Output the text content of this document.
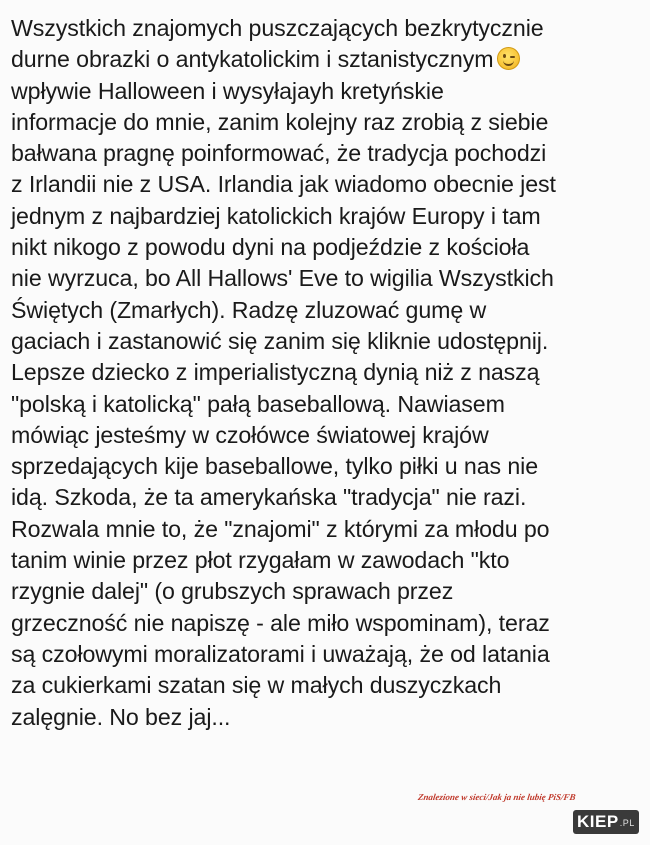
Wszystkich znajomych puszczających bezkrytycznie
durne obrazki o antykatolickim i sztanistycznym
wpływie Halloween i wysyłajayh kretyńskie
informacje do mnie, zanim kolejny raz zrobią z siebie
bałwana pragnę poinformować, że tradycja pochodzi
z Irlandii nie z USA. Irlandia jak wiadomo obecnie jest
jednym z najbardziej katolickich krajów Europy i tam
nikt nikogo z powodu dyni na podjeździe z kościoła
nie wyrzuca, bo All Hallows' Eve to wigilia Wszystkich
Świętych (Zmarłych). Radzę zluzować gumę w
gaciach i zastanowić się zanim się kliknie udostępnij.
Lepsze dziecko z imperialistyczną dynią niż z naszą
"polską i katolicką" pałą baseballową. Nawiasem
mówiąc jesteśmy w czołówce światowej krajów
sprzedających kije baseballowe, tylko piłki u nas nie
idą. Szkoda, że ta amerykańska "tradycja" nie razi.
Rozwala mnie to, że "znajomi" z którymi za młodu po
tanim winie przez płot rzygałam w zawodach "kto
rzygnie dalej" (o grubszych sprawach przez
grzeczność nie napiszę - ale miło wspominam), teraz
są czołowymi moralizatorami i uważają, że od latania
za cukierkami szatan się w małych duszyczkach
zalęgnie. No bez jaj...
Znalezione w sieci/Jak ja nie lubię PiS/FB
KIEP.PL
